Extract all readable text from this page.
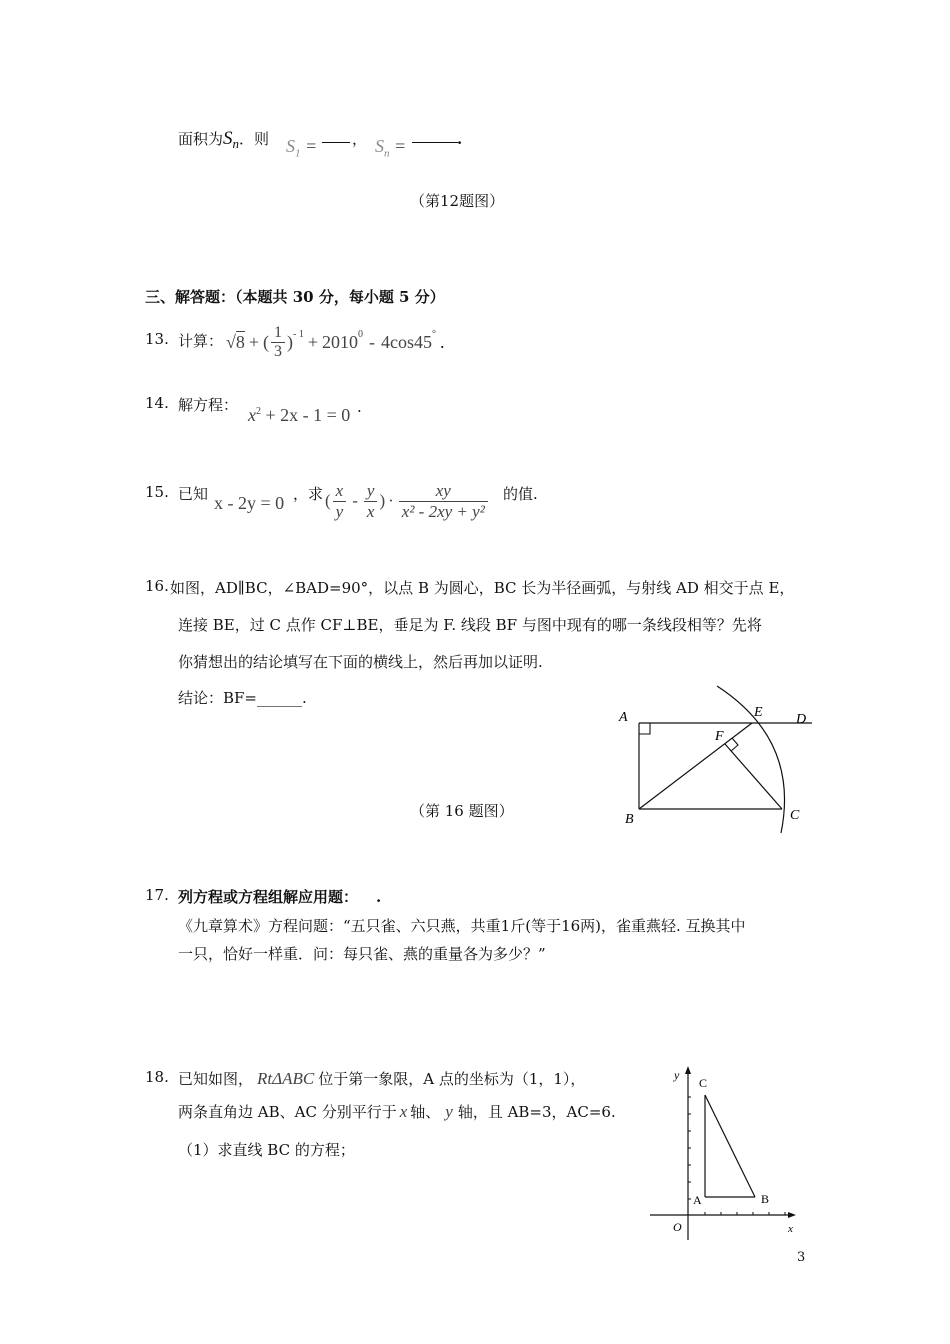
面积为$S_n$．则 $S_1$ = ， $S_n$ =	.
（第12题图）
三、解答题：（本题共 30 分，每小题 5 分）
13. 计算： √ 8 + ( $\frac{1}{3} )^{- 1} + 2010^0 - 4\cos 45^\circ$ .
14. 解方程： $x^2 + 2x - 1 = 0$ .
15. 已知 x - 2y = 0 ，求 ( $\frac{x}{y} - \frac{y}{x}$ ) · $\frac{xy}{\text{x² - 2xy + y²}}$ 的值.
16. 如图，AD∥BC，∠BAD=90°，以点 B 为圆心，BC 长为半径画弧，与射线 AD 相交于点 E，
连接 BE，过 C 点作 CF⊥BE，垂足为 F. 线段 BF 与图中现有的哪一条线段相等？先将
你猜想出的结论填写在下面的横线上，然后再加以证明.
结论：BF=______.
（第 16 题图）
A	E D
F
B	C
17. 列方程或方程组解应用题： .
《九章算术》方程问题：“五只雀、六只燕，共重1斤(等于16两)，雀重燕轻. 互换其中
一只，恰好一样重．问：每只雀、燕的重量各为多少？”
18. 已知如图， RtΔABC 位于第一象限，A 点的坐标为（1，1），
两条直角边 AB、AC 分别平行于 x 轴、 y 轴，且 AB=3，AC=6.
（1）求直线 BC 的方程；
y
C
A	B
O	x
3
